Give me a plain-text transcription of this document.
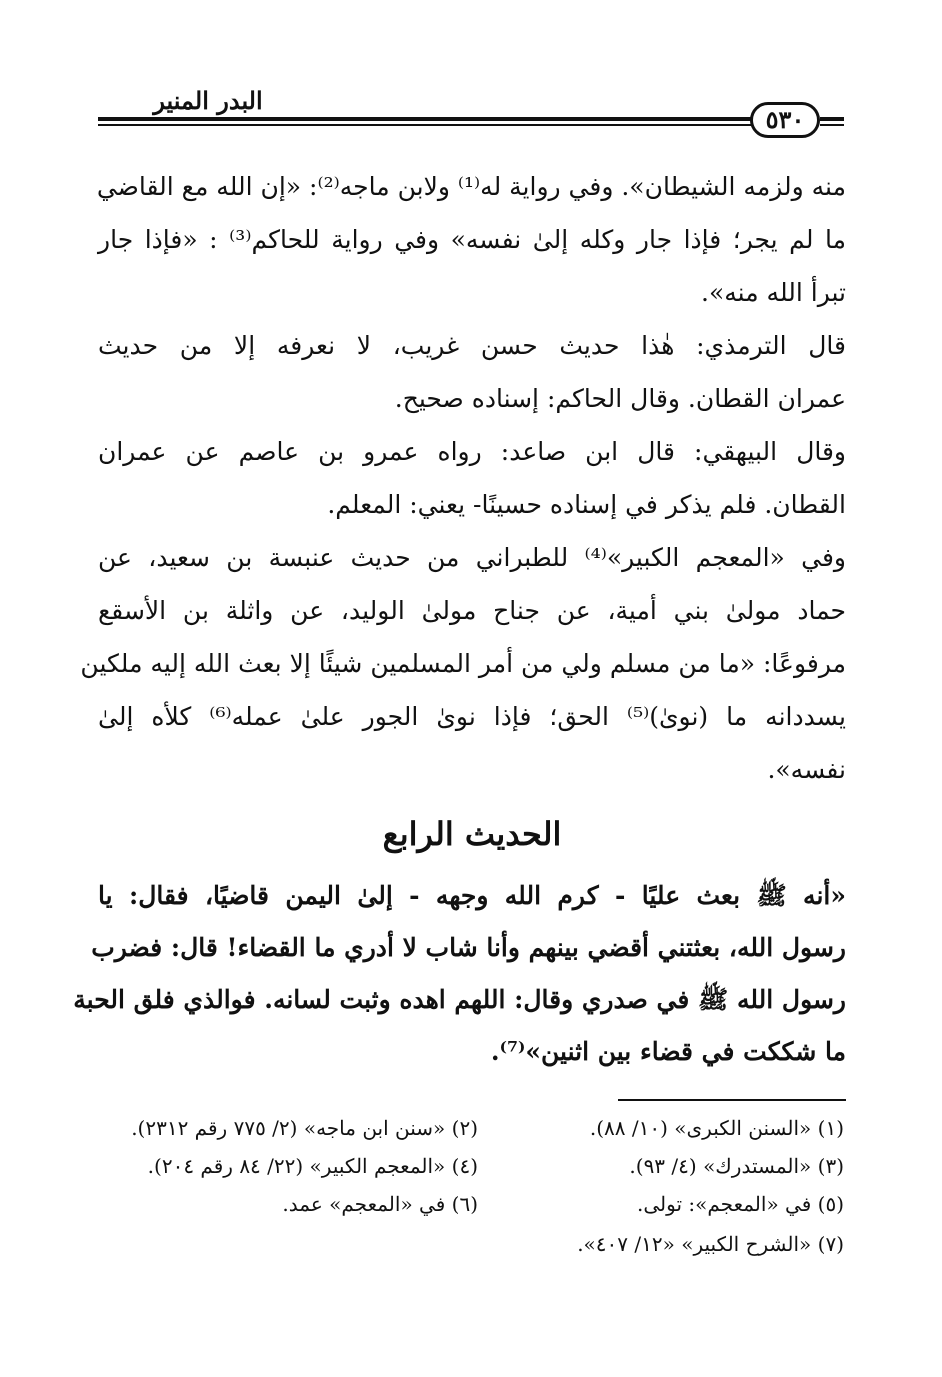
البدر المنير
٥٣٠
منه ولزمه الشيطان». وفي رواية له⁽¹⁾ ولابن ماجه⁽²⁾: «إن الله مع القاضي
ما لم يجر؛ فإذا جار وكله إلىٰ نفسه» وفي رواية للحاكم⁽³⁾ : «فإذا جار
تبرأ الله منه».
قال الترمذي: هٰذا حديث حسن غريب، لا نعرفه إلا من حديث
عمران القطان. وقال الحاكم: إسناده صحيح.
وقال البيهقي: قال ابن صاعد: رواه عمرو بن عاصم عن عمران
القطان. فلم يذكر في إسناده حسينًا- يعني: المعلم.
وفي «المعجم الكبير»⁽⁴⁾ للطبراني من حديث عنبسة بن سعيد، عن
حماد مولىٰ بني أمية، عن جناح مولىٰ الوليد، عن واثلة بن الأسقع
مرفوعًا: «ما من مسلم ولي من أمر المسلمين شيئًا إلا بعث الله إليه ملكين
يسددانه ما (نوىٰ)⁽⁵⁾ الحق؛ فإذا نوىٰ الجور علىٰ عمله⁽⁶⁾ كلأه إلىٰ
نفسه».
الحديث الرابع
«أنه ﷺ بعث عليًا - كرم الله وجهه - إلىٰ اليمن قاضيًا، فقال: يا
رسول الله، بعثتني أقضي بينهم وأنا شاب لا أدري ما القضاء! قال: فضرب
رسول الله ﷺ في صدري وقال: اللهم اهده وثبت لسانه. فوالذي فلق الحبة
ما شككت في قضاء بين اثنين»⁽⁷⁾.
(١) «السنن الكبرى» (١٠/ ٨٨).
(٣) «المستدرك» (٤/ ٩٣).
(٥) في «المعجم»: تولى.
(٧) «الشرح الكبير» «١٢/ ٤٠٧».
(٢) «سنن ابن ماجه» (٢/ ٧٧٥ رقم ٢٣١٢).
(٤) «المعجم الكبير» (٢٢/ ٨٤ رقم ٢٠٤).
(٦) في «المعجم» عمد.
